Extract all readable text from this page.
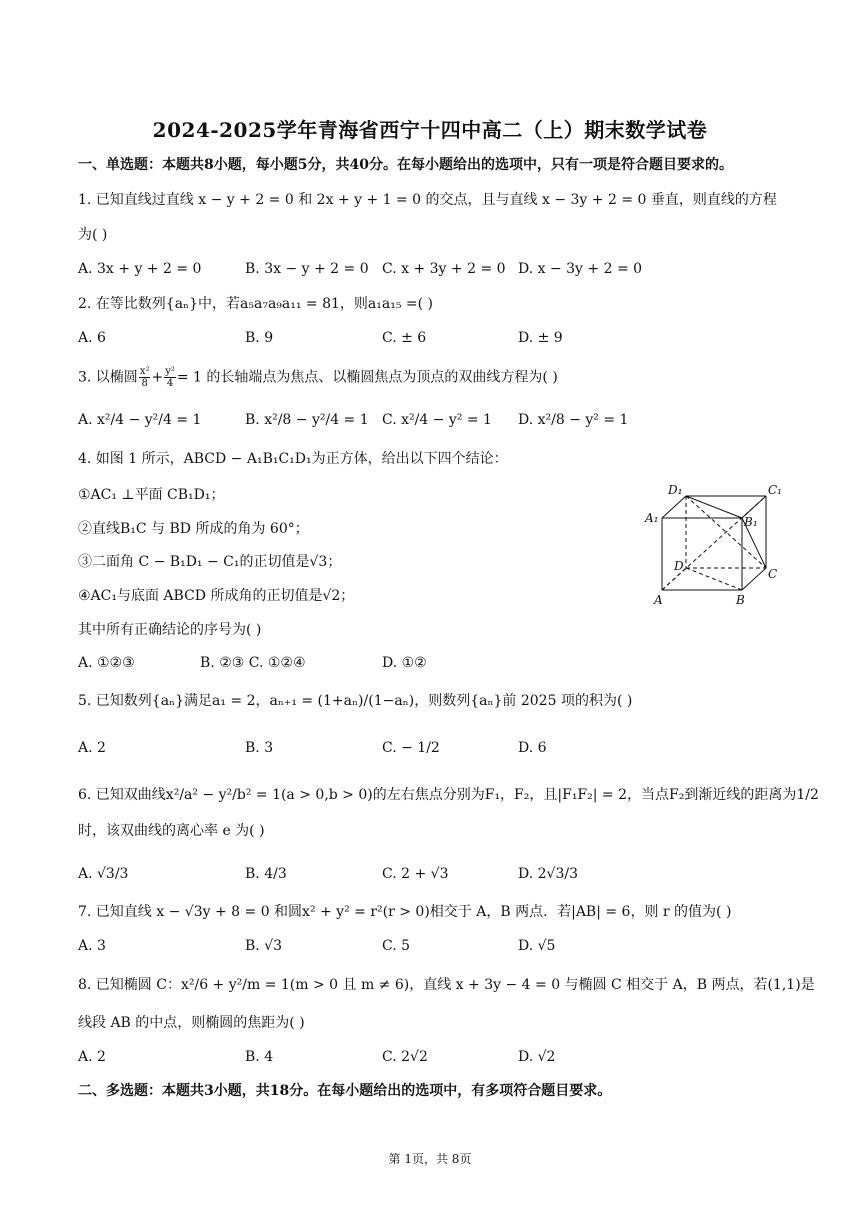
2024-2025学年青海省西宁十四中高二（上）期末数学试卷
一、单选题：本题共8小题，每小题5分，共40分。在每小题给出的选项中，只有一项是符合题目要求的。
1. 已知直线过直线 x − y + 2 = 0 和 2x + y + 1 = 0 的交点，且与直线 x − 3y + 2 = 0 垂直，则直线的方程
为( )
A. 3x + y + 2 = 0	B. 3x − y + 2 = 0 C. x + 3y + 2 = 0 D. x − 3y + 2 = 0
2. 在等比数列{aₙ}中，若a₅a₇a₉a₁₁ = 81，则a₁a₁₅ =( )
A. 6	B. 9	C. ± 6	D. ± 9
3. 以椭圆 $\frac{\text{x²}}{8} + \frac{\text{y²}}{4} = 1$ 的长轴端点为焦点、以椭圆焦点为顶点的双曲线方程为( )
A. x²/4 − y²/4 = 1	B. x²/8 − y²/4 = 1 C. x²/4 − y² = 1 D. x²/8 − y² = 1
4. 如图 1 所示，ABCD − A₁B₁C₁D₁为正方体，给出以下四个结论：
①AC₁ ⊥平面 CB₁D₁；
②直线B₁C 与 BD 所成的角为 60°；
③二面角 C − B₁D₁ − C₁的正切值是√3；
④AC₁与底面 ABCD 所成角的正切值是√2；
其中所有正确结论的序号为( )
A. ①②③	B. ②③ C. ①②④	D. ①②
D₁	C₁
A₁	B₁
D
C
A	B
5. 已知数列{aₙ}满足a₁ = 2，aₙ₊₁ = (1+aₙ)/(1−aₙ)，则数列{aₙ}前 2025 项的积为( )
A. 2	B. 3	C. − 1/2	D. 6
6. 已知双曲线x²/a² − y²/b² = 1(a > 0,b > 0)的左右焦点分别为F₁，F₂，且|F₁F₂| = 2，当点F₂到渐近线的距离为1/2
时，该双曲线的离心率 e 为( )
A. √3/3	B. 4/3	C. 2 + √3	D. 2√3/3
7. 已知直线 x − √3y + 8 = 0 和圆x² + y² = r²(r > 0)相交于 A，B 两点．若|AB| = 6，则 r 的值为( )
A. 3	B. √3	C. 5	D. √5
8. 已知椭圆 C：x²/6 + y²/m = 1(m > 0 且 m ≠ 6)，直线 x + 3y − 4 = 0 与椭圆 C 相交于 A，B 两点，若(1,1)是
线段 AB 的中点，则椭圆的焦距为( )
A. 2	B. 4	C. 2√2	D. √2
二、多选题：本题共3小题，共18分。在每小题给出的选项中，有多项符合题目要求。
第 1页，共 8页
